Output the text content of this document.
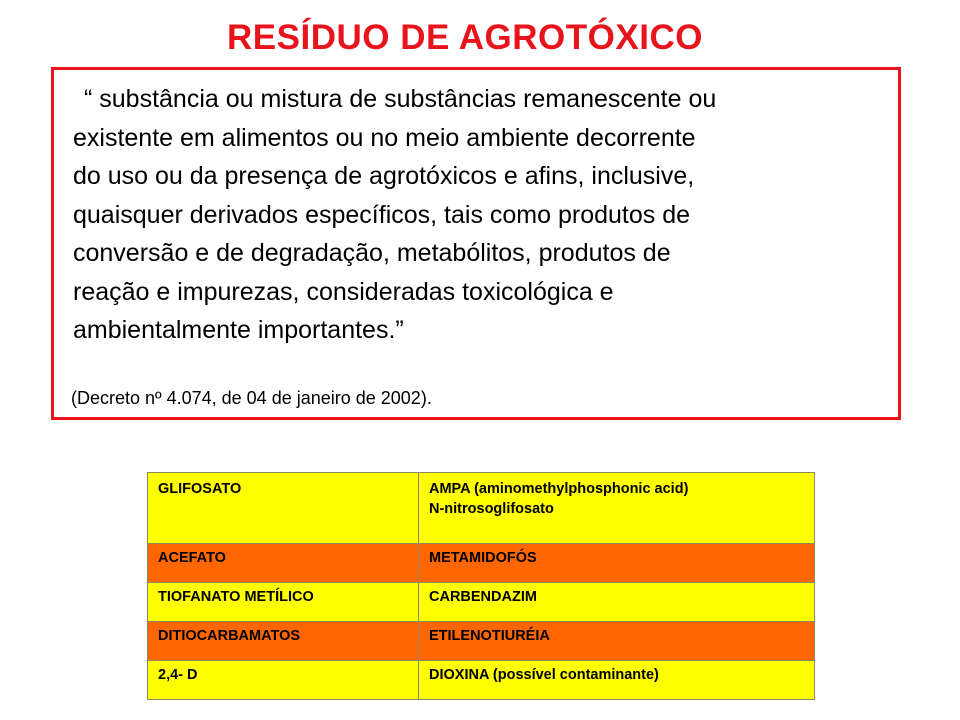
RESÍDUO DE AGROTÓXICO
“ substância ou mistura de substâncias remanescente ou
existente em alimentos ou no meio ambiente decorrente
do uso ou da presença de agrotóxicos e afins, inclusive,
quaisquer derivados específicos, tais como produtos de
conversão e de degradação, metabólitos, produtos de
reação e impurezas, consideradas toxicológica e
ambientalmente importantes.”

(Decreto nº 4.074, de 04 de janeiro de 2002).

GLIFOSATO	AMPA (aminomethylphosphonic acid)
N-nitrosoglifosato

ACEFATO	METAMIDOFÓS
TIOFANATO METÍLICO	CARBENDAZIM
DITIOCARBAMATOS	ETILENOTIURÉIA
2,4- D	DIOXINA (possível contaminante)
